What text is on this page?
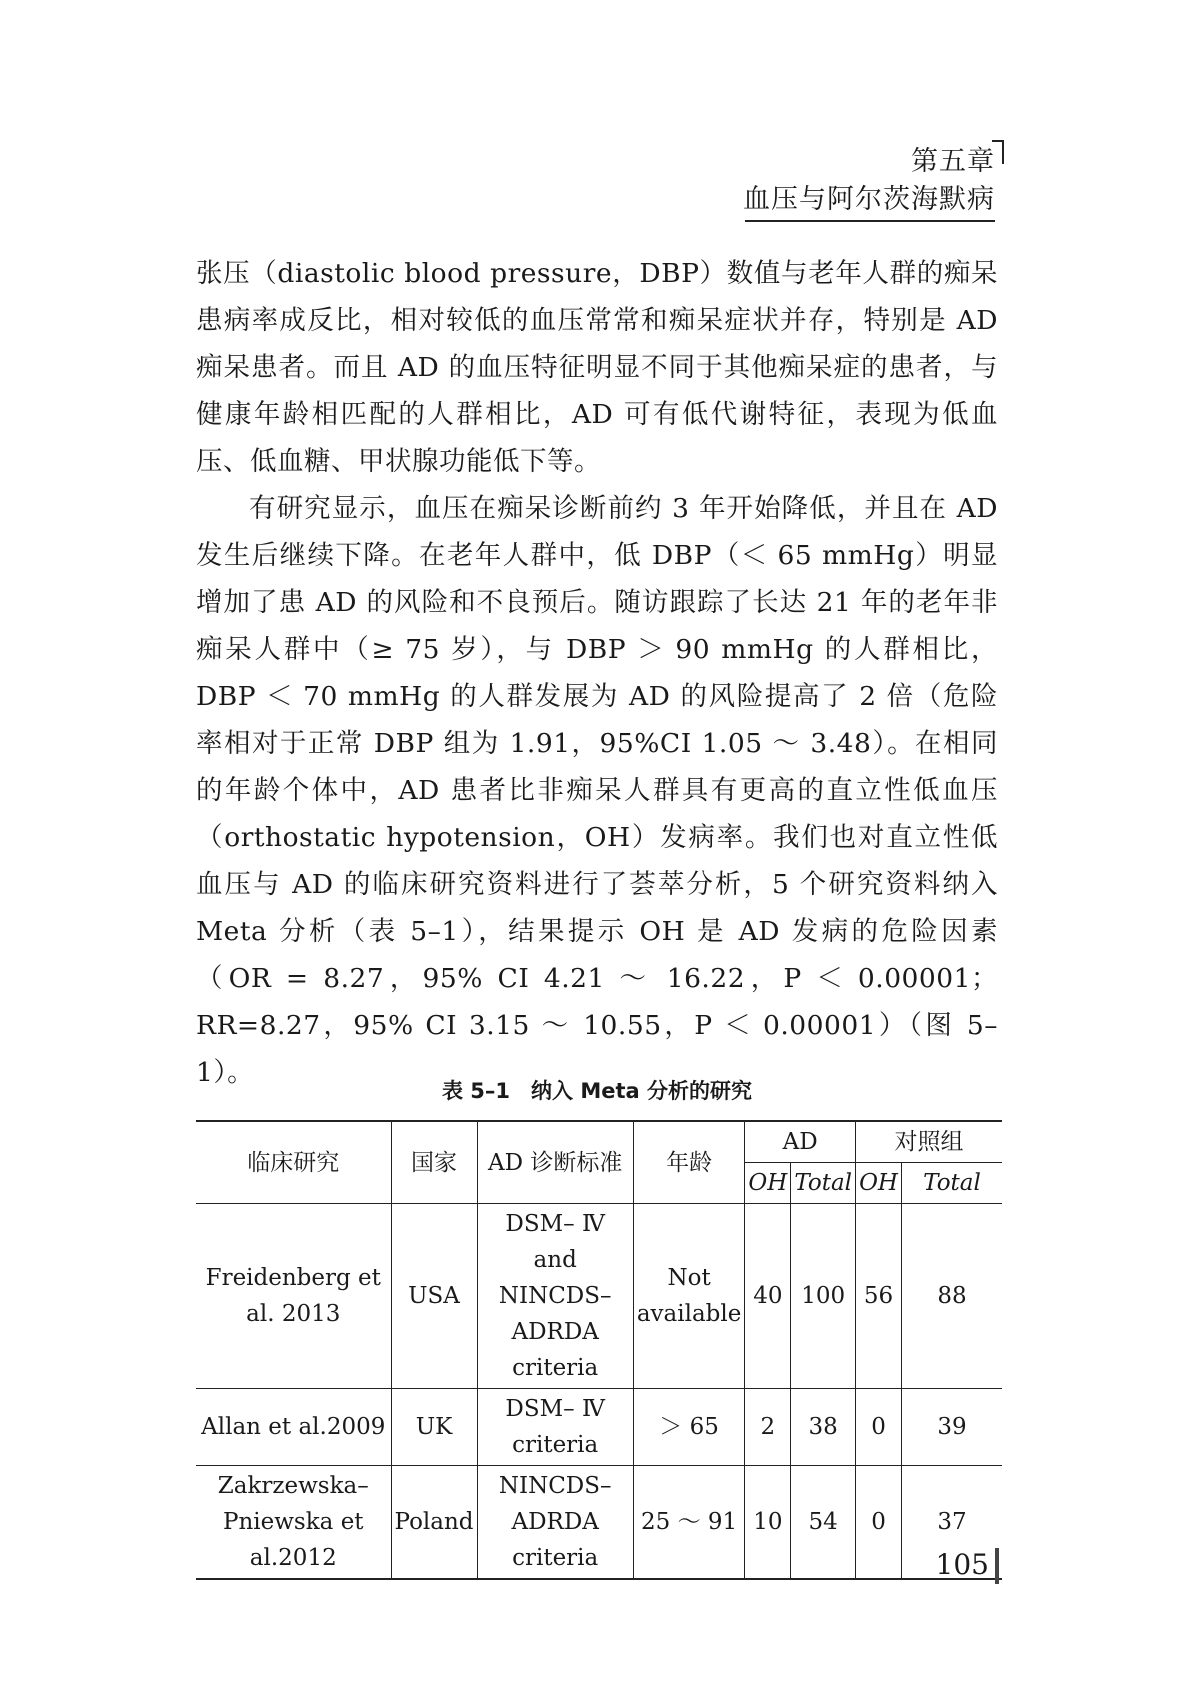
第五章
血压与阿尔茨海默病

张压（diastolic blood pressure，DBP）数值与老年人群的痴呆患病率成反比，相对较低的血压常常和痴呆症状并存，特别是 AD 痴呆患者。而且 AD 的血压特征明显不同于其他痴呆症的患者，与健康年龄相匹配的人群相比，AD 可有低代谢特征，表现为低血压、低血糖、甲状腺功能低下等。

有研究显示，血压在痴呆诊断前约 3 年开始降低，并且在 AD 发生后继续下降。在老年人群中，低 DBP（＜ 65 mmHg）明显增加了患 AD 的风险和不良预后。随访跟踪了长达 21 年的老年非痴呆人群中（≥ 75 岁），与 DBP ＞ 90 mmHg 的人群相比，DBP ＜ 70 mmHg 的人群发展为 AD 的风险提高了 2 倍（危险率相对于正常 DBP 组为 1.91，95%CI 1.05 ～ 3.48）。在相同的年龄个体中，AD 患者比非痴呆人群具有更高的直立性低血压（orthostatic hypotension，OH）发病率。我们也对直立性低血压与 AD 的临床研究资料进行了荟萃分析，5 个研究资料纳入 Meta 分析（表 5–1），结果提示 OH 是 AD 发病的危险因素（OR = 8.27，95% CI 4.21 ～ 16.22，P ＜ 0.00001；RR=8.27，95% CI 3.15 ～ 10.55，P ＜ 0.00001）（图 5–1）。

表 5–1　纳入 Meta 分析的研究
临床研究	国家	AD 诊断标准	年龄	AD		对照组	
				OH	Total	OH	Total
Freidenberg et al. 2013	USA	DSM– Ⅳ and NINCDS–ADRDA criteria	Not available	40	100	56	88
Allan et al.2009	UK	DSM– Ⅳ criteria	＞ 65	2	38	0	39
Zakrzewska–Pniewska et al.2012	Poland	NINCDS–ADRDA criteria	25 ～ 91	10	54	0	37
105
